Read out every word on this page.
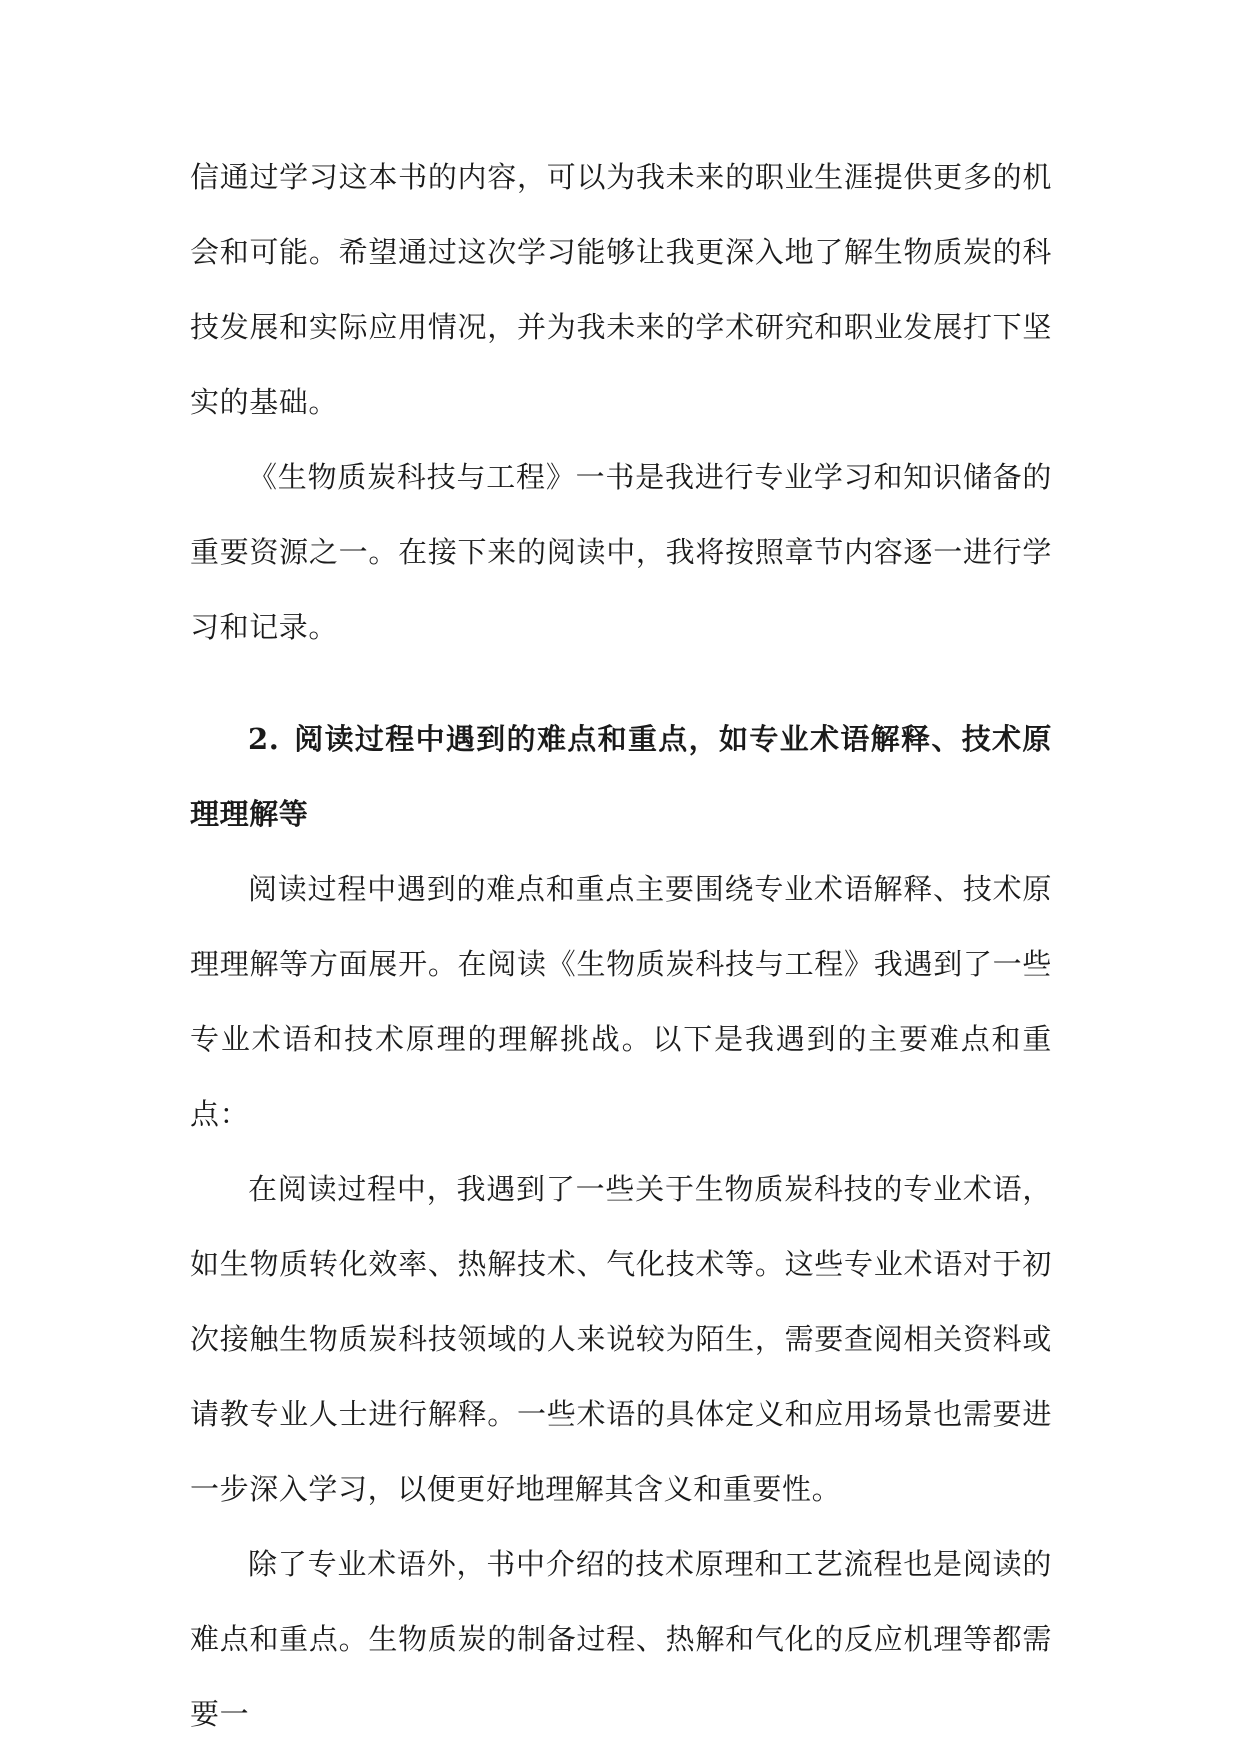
信通过学习这本书的内容，可以为我未来的职业生涯提供更多的机会和可能。希望通过这次学习能够让我更深入地了解生物质炭的科技发展和实际应用情况，并为我未来的学术研究和职业发展打下坚实的基础。

《生物质炭科技与工程》一书是我进行专业学习和知识储备的重要资源之一。在接下来的阅读中，我将按照章节内容逐一进行学习和记录。

2. 阅读过程中遇到的难点和重点，如专业术语解释、技术原理理解等

阅读过程中遇到的难点和重点主要围绕专业术语解释、技术原理理解等方面展开。在阅读《生物质炭科技与工程》我遇到了一些专业术语和技术原理的理解挑战。以下是我遇到的主要难点和重点：

在阅读过程中，我遇到了一些关于生物质炭科技的专业术语，如生物质转化效率、热解技术、气化技术等。这些专业术语对于初次接触生物质炭科技领域的人来说较为陌生，需要查阅相关资料或请教专业人士进行解释。一些术语的具体定义和应用场景也需要进一步深入学习，以便更好地理解其含义和重要性。

除了专业术语外，书中介绍的技术原理和工艺流程也是阅读的难点和重点。生物质炭的制备过程、热解和气化的反应机理等都需要一
